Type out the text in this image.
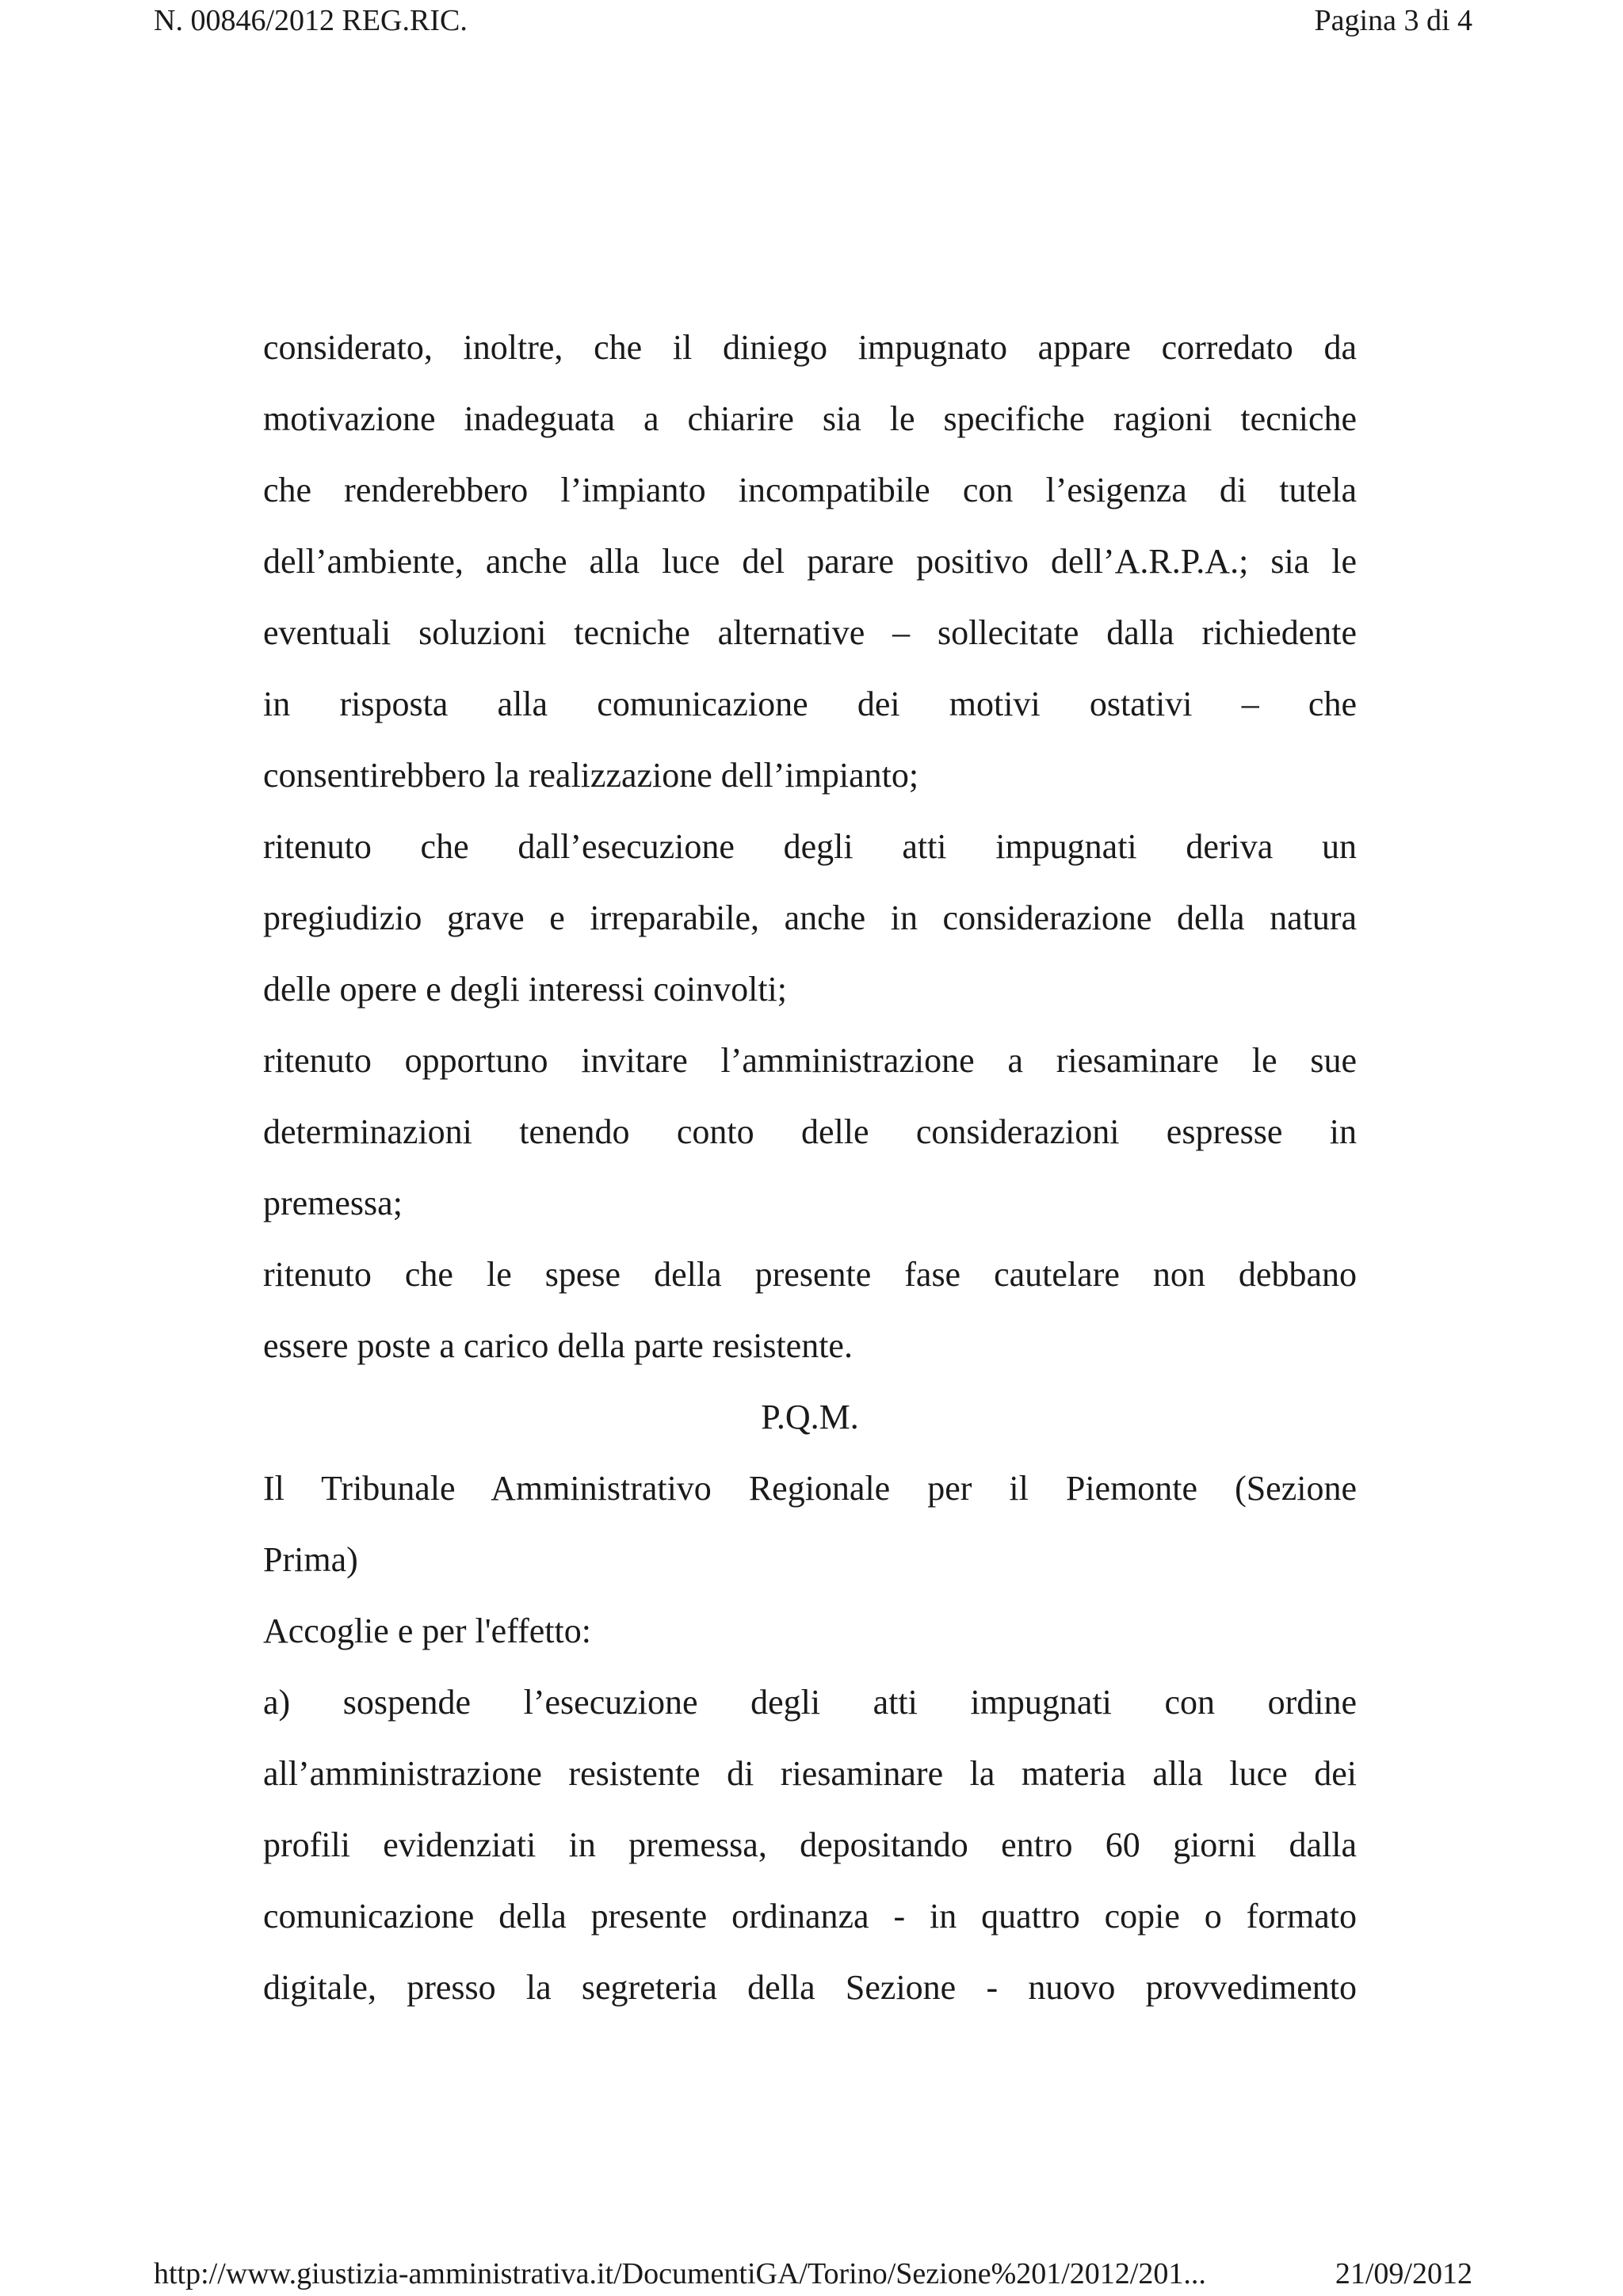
N. 00846/2012 REG.RIC.	Pagina 3 di 4
considerato, inoltre, che il diniego impugnato appare corredato da
motivazione inadeguata a chiarire sia le specifiche ragioni tecniche
che renderebbero l’impianto incompatibile con l’esigenza di tutela
dell’ambiente, anche alla luce del parare positivo dell’A.R.P.A.; sia le
eventuali soluzioni tecniche alternative – sollecitate dalla richiedente
in risposta alla comunicazione dei motivi ostativi – che
consentirebbero la realizzazione dell’impianto;
ritenuto che dall’esecuzione degli atti impugnati deriva un
pregiudizio grave e irreparabile, anche in considerazione della natura
delle opere e degli interessi coinvolti;
ritenuto opportuno invitare l’amministrazione a riesaminare le sue
determinazioni tenendo conto delle considerazioni espresse in
premessa;
ritenuto che le spese della presente fase cautelare non debbano
essere poste a carico della parte resistente.
P.Q.M.
Il Tribunale Amministrativo Regionale per il Piemonte (Sezione
Prima)
Accoglie e per l'effetto:
a) sospende l’esecuzione degli atti impugnati con ordine
all’amministrazione resistente di riesaminare la materia alla luce dei
profili evidenziati in premessa, depositando entro 60 giorni dalla
comunicazione della presente ordinanza - in quattro copie o formato
digitale, presso la segreteria della Sezione - nuovo provvedimento
http://www.giustizia-amministrativa.it/DocumentiGA/Torino/Sezione%201/2012/201...	21/09/2012
